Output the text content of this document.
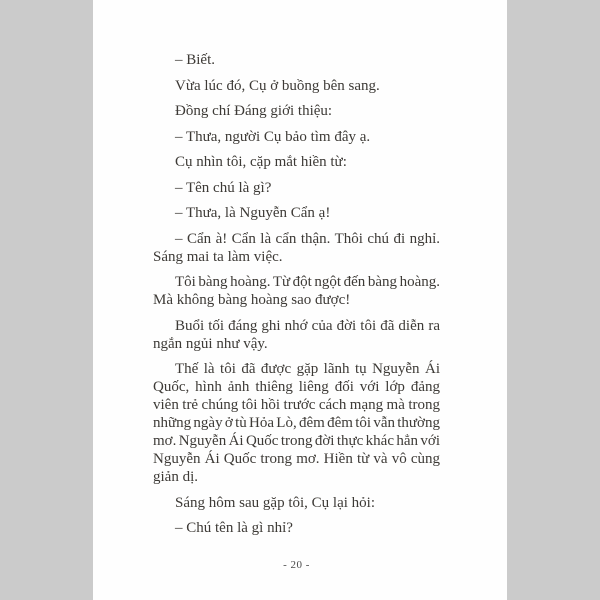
– Biết.
Vừa lúc đó, Cụ ở buồng bên sang.
Đồng chí Đáng giới thiệu:
– Thưa, người Cụ bảo tìm đây ạ.
Cụ nhìn tôi, cặp mắt hiền từ:
– Tên chú là gì?
– Thưa, là Nguyễn Cẩn ạ!
– Cẩn à! Cẩn là cẩn thận. Thôi chú đi nghỉ.
Sáng mai ta làm việc.
Tôi bàng hoàng. Từ đột ngột đến bàng hoàng.
Mà không bàng hoàng sao được!
Buổi tối đáng ghi nhớ của đời tôi đã diễn ra
ngắn ngủi như vậy.
Thế là tôi đã được gặp lãnh tụ Nguyễn Ái
Quốc, hình ảnh thiêng liêng đối với lớp đảng
viên trẻ chúng tôi hồi trước cách mạng mà trong
những ngày ở tù Hỏa Lò, đêm đêm tôi vẫn thường
mơ. Nguyễn Ái Quốc trong đời thực khác hẳn với
Nguyễn Ái Quốc trong mơ. Hiền từ và vô cùng
giản dị.
Sáng hôm sau gặp tôi, Cụ lại hỏi:
– Chú tên là gì nhỉ?
- 20 -
